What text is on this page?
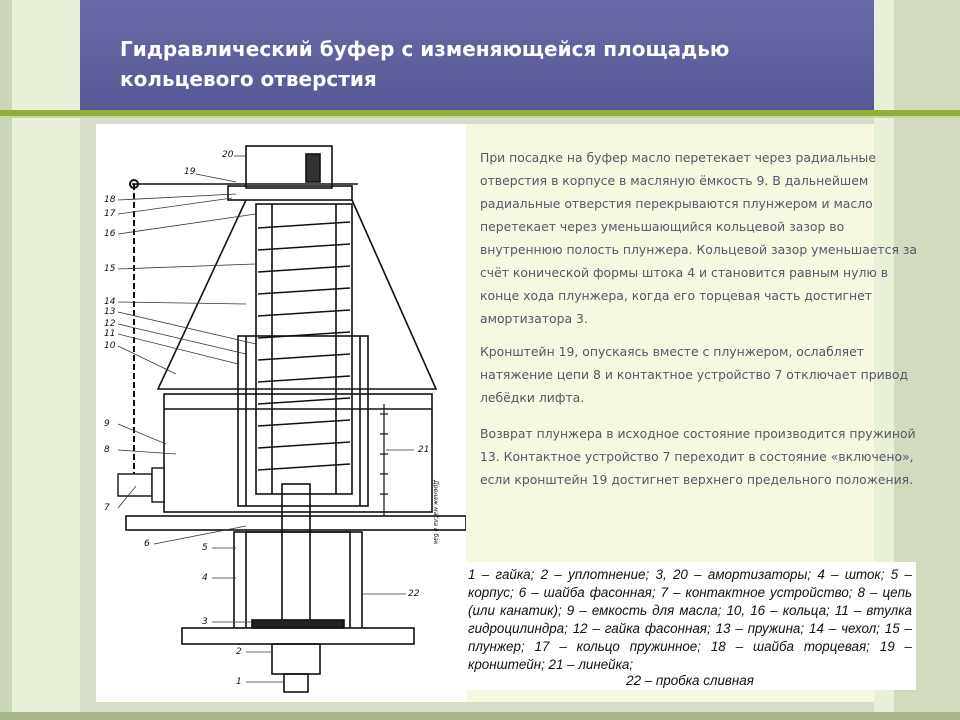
Гидравлический буфер с изменяющейся площадью
кольцевого отверстия
20
19
18
17
16
15
14
13
12
11
10
9
8
7
6	5
4
3
2
1
21
22
Дренаж масла в бак

При посадке на буфер масло перетекает через радиальные отверстия в корпусе в масляную ёмкость 9. В дальнейшем радиальные отверстия перекрываются плунжером и масло перетекает через уменьшающийся кольцевой зазор во внутреннюю полость плунжера. Кольцевой зазор уменьшается за счёт конической формы штока 4 и становится равным нулю в конце хода плунжера, когда его торцевая часть достигнет амортизатора 3.

Кронштейн 19, опускаясь вместе с плунжером, ослабляет натяжение цепи 8 и контактное устройство 7 отключает привод лебёдки лифта.

Возврат плунжера в исходное состояние производится пружиной 13. Контактное устройство 7 переходит в состояние «включено», если кронштейн 19 достигнет верхнего предельного положения.

1 – гайка; 2 – уплотнение; 3, 20 – амортизаторы; 4 – шток; 5 – корпус; 6 – шайба фасонная; 7 – контактное устройство; 8 – цепь (или канатик); 9 – емкость для масла; 10, 16 – кольца; 11 – втулка гидроцилиндра; 12 – гайка фасонная; 13 – пружина; 14 – чехол; 15 – плунжер; 17 – кольцо пружинное; 18 – шайба торцевая; 19 – кронштейн; 21 – линейка;
22 – пробка сливная
